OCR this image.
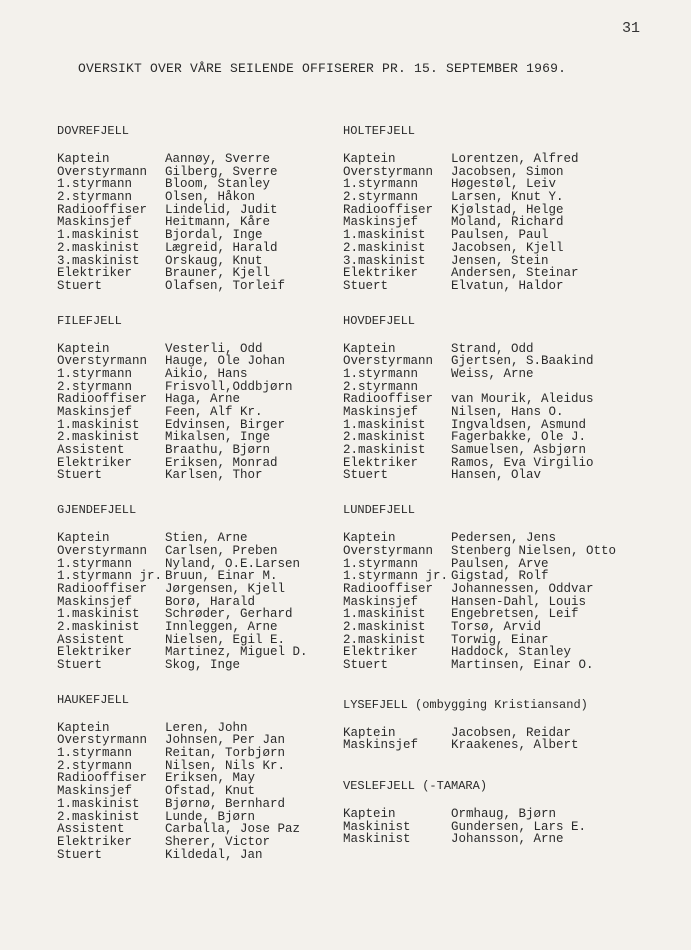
31
OVERSIKT OVER VÅRE SEILENDE OFFISERER PR. 15. SEPTEMBER 1969.
DOVREFJELL
Kaptein	Aannøy, Sverre
Overstyrmann	Gilberg, Sverre
1.styrmann	Bloom, Stanley
2.styrmann	Olsen, Håkon
Radiooffiser	Lindelid, Judit
Maskinsjef	Heitmann, Kåre
1.maskinist	Bjordal, Inge
2.maskinist	Lægreid, Harald
3.maskinist	Orskaug, Knut
Elektriker	Brauner, Kjell
Stuert	Olafsen, Torleif
FILEFJELL
Kaptein	Vesterli, Odd
Overstyrmann	Hauge, Ole Johan
1.styrmann	Aikio, Hans
2.styrmann	Frisvoll,Oddbjørn
Radiooffiser	Haga, Arne
Maskinsjef	Feen, Alf Kr.
1.maskinist	Edvinsen, Birger
2.maskinist	Mikalsen, Inge
Assistent	Braathu, Bjørn
Elektriker	Eriksen, Monrad
Stuert	Karlsen, Thor
GJENDEFJELL
Kaptein	Stien, Arne
Overstyrmann	Carlsen, Preben
1.styrmann	Nyland, O.E.Larsen
1.styrmann jr. Bruun, Einar M.
Radiooffiser	Jørgensen, Kjell
Maskinsjef	Borø, Harald
1.maskinist	Schrøder, Gerhard
2.maskinist	Innleggen, Arne
Assistent	Nielsen, Egil E.
Elektriker	Martinez, Miguel D.
Stuert	Skog, Inge
HAUKEFJELL
Kaptein	Leren, John
Overstyrmann	Johnsen, Per Jan
1.styrmann	Reitan, Torbjørn
2.styrmann	Nilsen, Nils Kr.
Radiooffiser	Eriksen, May
Maskinsjef	Ofstad, Knut
1.maskinist	Bjørnø, Bernhard
2.maskinist	Lunde, Bjørn
Assistent	Carballa, Jose Paz
Elektriker	Sherer, Victor
Stuert	Kildedal, Jan
HOLTEFJELL
Kaptein	Lorentzen, Alfred
Overstyrmann	Jacobsen, Simon
1.styrmann	Høgestøl, Leiv
2.styrmann	Larsen, Knut Y.
Radiooffiser	Kjølstad, Helge
Maskinsjef	Moland, Richard
1.maskinist	Paulsen, Paul
2.maskinist	Jacobsen, Kjell
3.maskinist	Jensen, Stein
Elektriker	Andersen, Steinar
Stuert	Elvatun, Haldor
HOVDEFJELL
Kaptein	Strand, Odd
Overstyrmann	Gjertsen, S.Baakind
1.styrmann	Weiss, Arne
2.styrmann
Radiooffiser	van Mourik, Aleidus
Maskinsjef	Nilsen, Hans O.
1.maskinist	Ingvaldsen, Asmund
2.maskinist	Fagerbakke, Ole J.
2.maskinist	Samuelsen, Asbjørn
Elektriker	Ramos, Eva Virgilio
Stuert	Hansen, Olav
LUNDEFJELL
Kaptein	Pedersen, Jens
Overstyrmann	Stenberg Nielsen, Otto
1.styrmann	Paulsen, Arve
1.styrmann jr. Gigstad, Rolf
Radiooffiser	Johannessen, Oddvar
Maskinsjef	Hansen-Dahl, Louis
1.maskinist	Engebretsen, Leif
2.maskinist	Torsø, Arvid
2.maskinist	Torwig, Einar
Elektriker	Haddock, Stanley
Stuert	Martinsen, Einar O.
LYSEFJELL (ombygging Kristiansand)
Kaptein	Jacobsen, Reidar
Maskinsjef	Kraakenes, Albert
VESLEFJELL (-TAMARA)
Kaptein	Ormhaug, Bjørn
Maskinist	Gundersen, Lars E.
Maskinist	Johansson, Arne
